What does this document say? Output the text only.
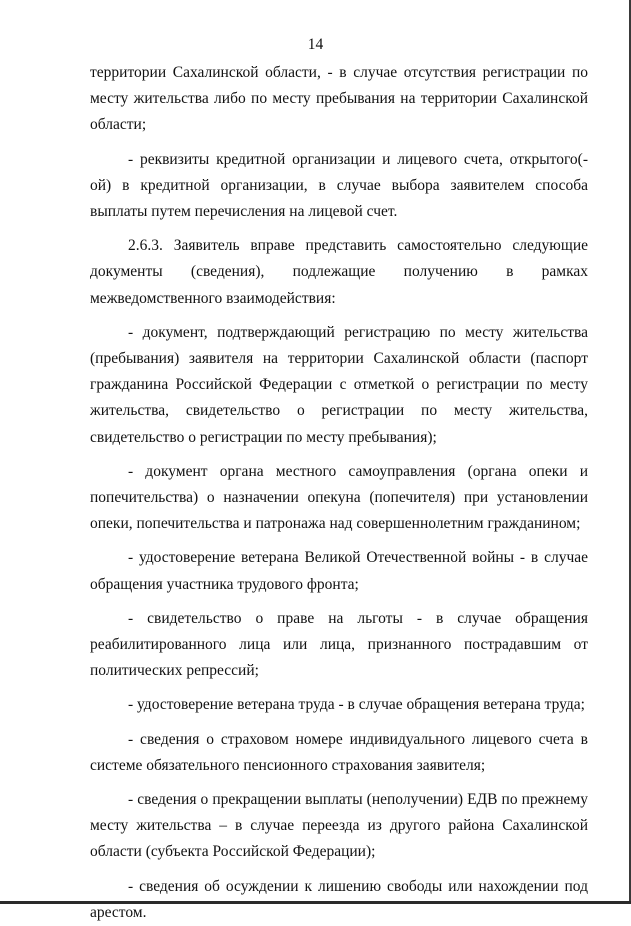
14

территории Сахалинской области, - в случае отсутствия регистрации по месту жительства либо по месту пребывания на территории Сахалинской области;

- реквизиты кредитной организации и лицевого счета, открытого(-ой) в кредитной организации, в случае выбора заявителем способа выплаты путем перечисления на лицевой счет.

2.6.3. Заявитель вправе представить самостоятельно следующие документы (сведения), подлежащие получению в рамках межведомственного взаимодействия:

- документ, подтверждающий регистрацию по месту жительства (пребывания) заявителя на территории Сахалинской области (паспорт гражданина Российской Федерации с отметкой о регистрации по месту жительства, свидетельство о регистрации по месту жительства, свидетельство о регистрации по месту пребывания);

- документ органа местного самоуправления (органа опеки и попечительства) о назначении опекуна (попечителя) при установлении опеки, попечительства и патронажа над совершеннолетним гражданином;

- удостоверение ветерана Великой Отечественной войны - в случае обращения участника трудового фронта;

- свидетельство о праве на льготы - в случае обращения реабилитированного лица или лица, признанного пострадавшим от политических репрессий;

- удостоверение ветерана труда - в случае обращения ветерана труда;

- сведения о страховом номере индивидуального лицевого счета в системе обязательного пенсионного страхования заявителя;

- сведения о прекращении выплаты (неполучении) ЕДВ по прежнему месту жительства – в случае переезда из другого района Сахалинской области (субъекта Российской Федерации);

- сведения об осуждении к лишению свободы или нахождении под арестом.
